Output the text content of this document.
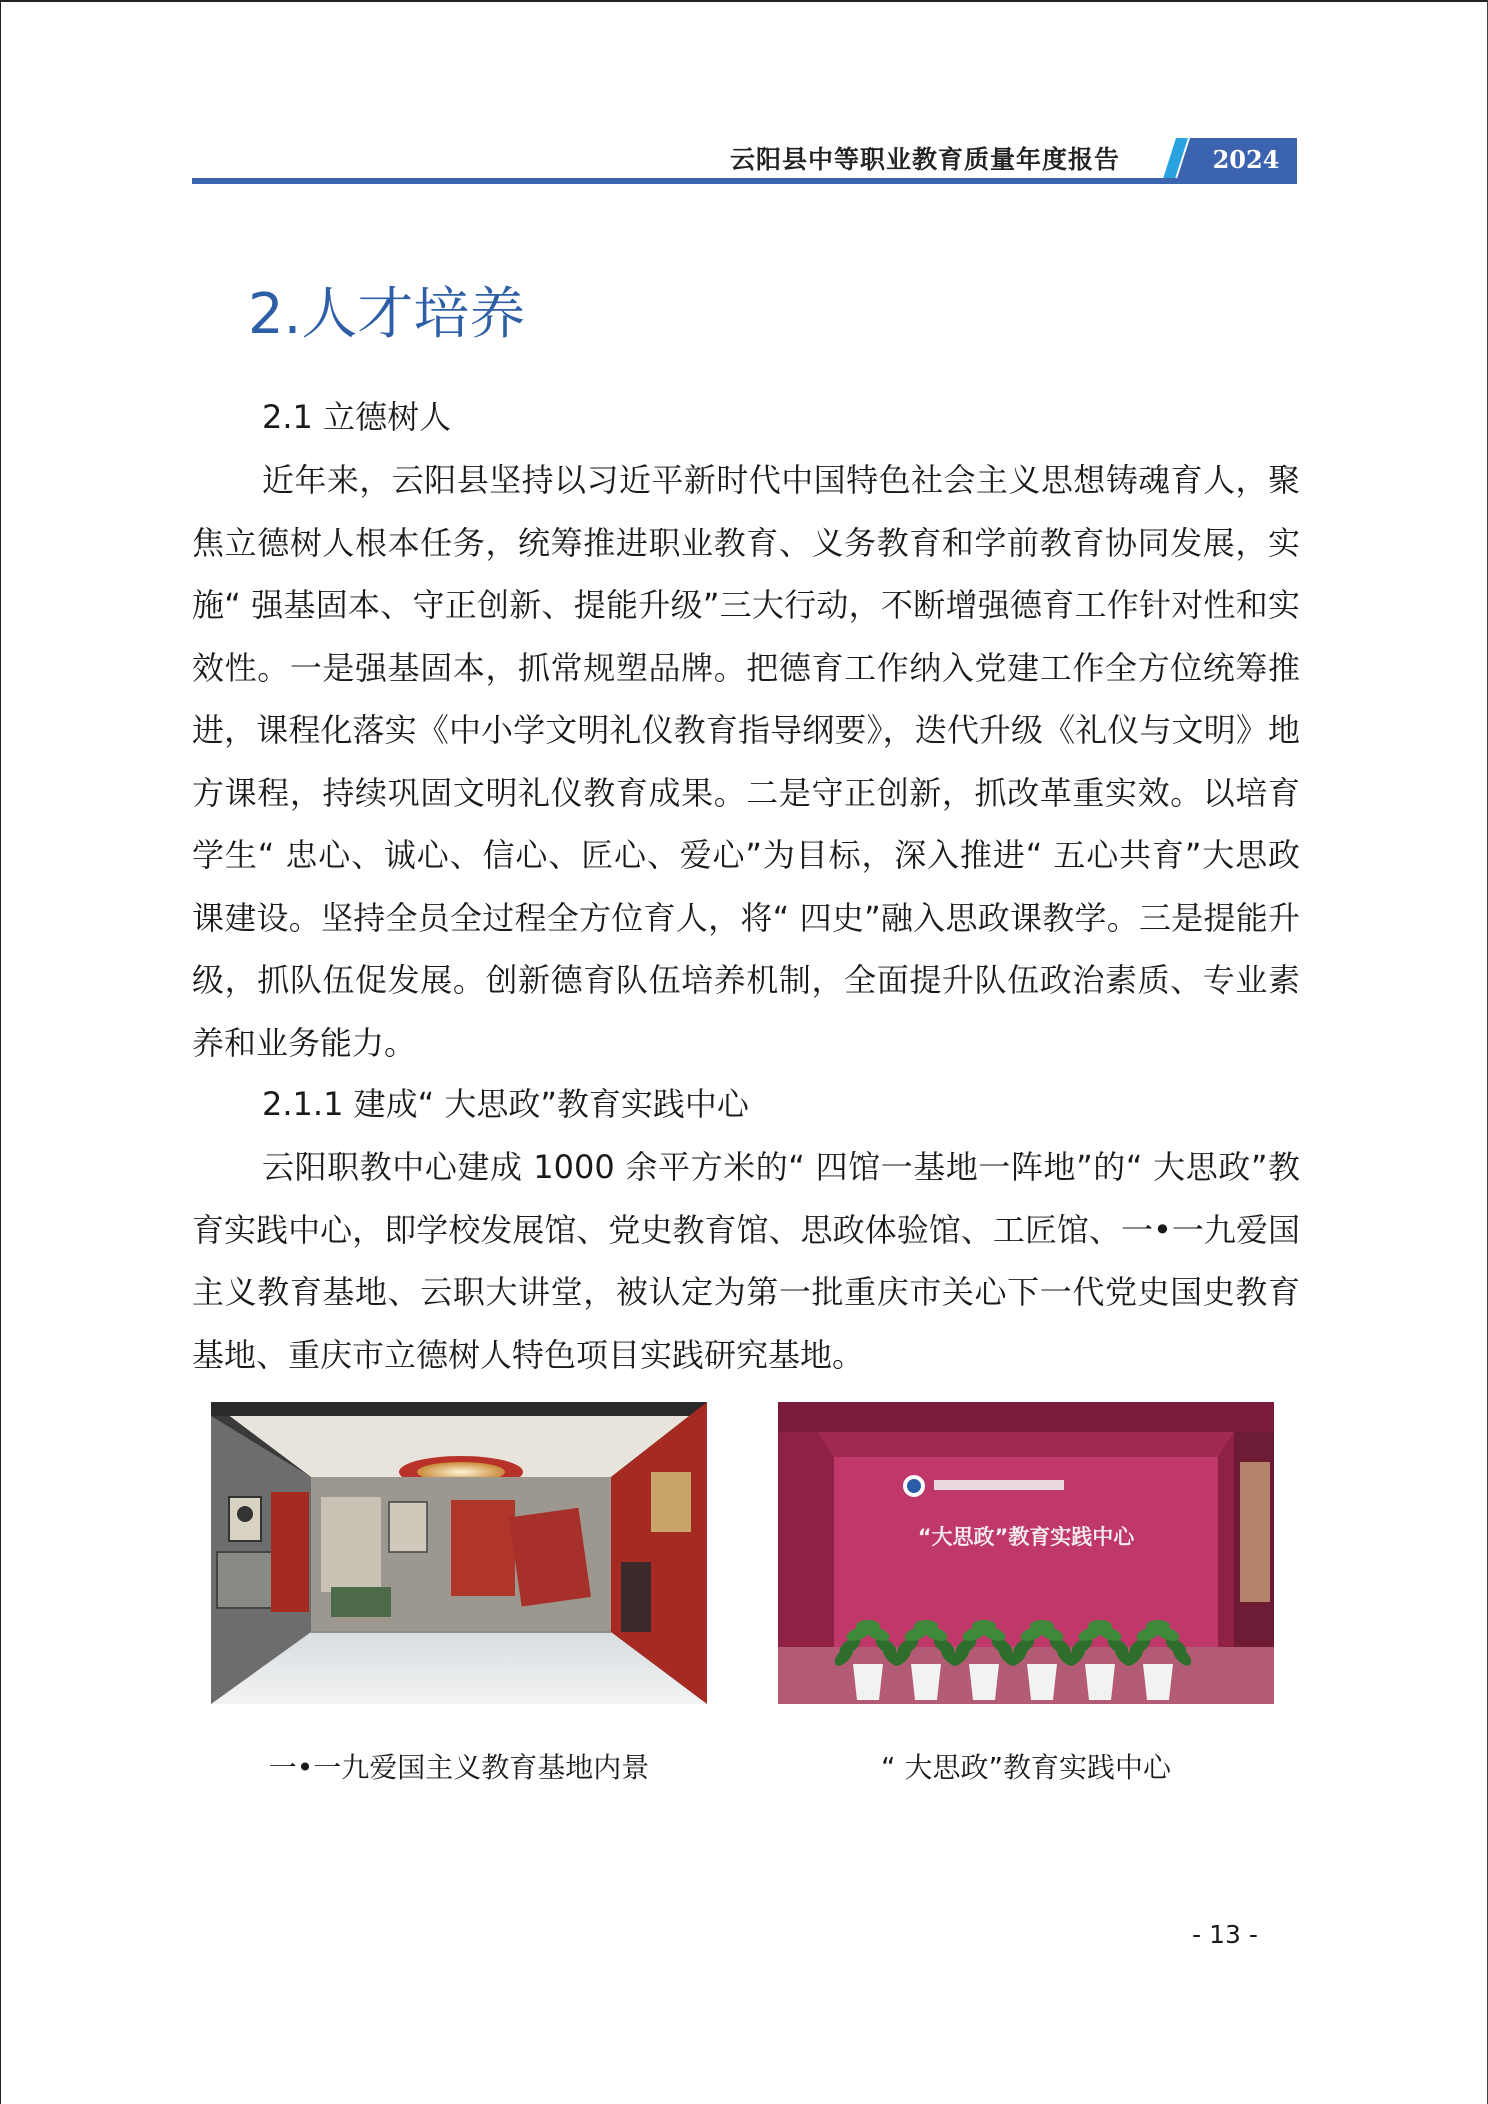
云阳县中等职业教育质量年度报告	2024
2.人才培养
2.1 立德树人

近年来，云阳县坚持以习近平新时代中国特色社会主义思想铸魂育人，聚焦立德树人根本任务，统筹推进职业教育、义务教育和学前教育协同发展，实施“ 强基固本、守正创新、提能升级”三大行动，不断增强德育工作针对性和实效性。一是强基固本，抓常规塑品牌。把德育工作纳入党建工作全方位统筹推进，课程化落实《中小学文明礼仪教育指导纲要》，迭代升级《礼仪与文明》地方课程，持续巩固文明礼仪教育成果。二是守正创新，抓改革重实效。以培育学生“ 忠心、诚心、信心、匠心、爱心”为目标，深入推进“ 五心共育”大思政课建设。坚持全员全过程全方位育人，将“ 四史”融入思政课教学。三是提能升级，抓队伍促发展。创新德育队伍培养机制，全面提升队伍政治素质、专业素养和业务能力。

2.1.1 建成“ 大思政”教育实践中心

云阳职教中心建成 1000 余平方米的“ 四馆一基地一阵地”的“ 大思政”教育实践中心，即学校发展馆、党史教育馆、思政体验馆、工匠馆、一•一九爱国主义教育基地、云职大讲堂，被认定为第一批重庆市关心下一代党史国史教育基地、重庆市立德树人特色项目实践研究基地。

“大思政”教育实践中心
一•一九爱国主义教育基地内景	“ 大思政”教育实践中心
- 13 -
